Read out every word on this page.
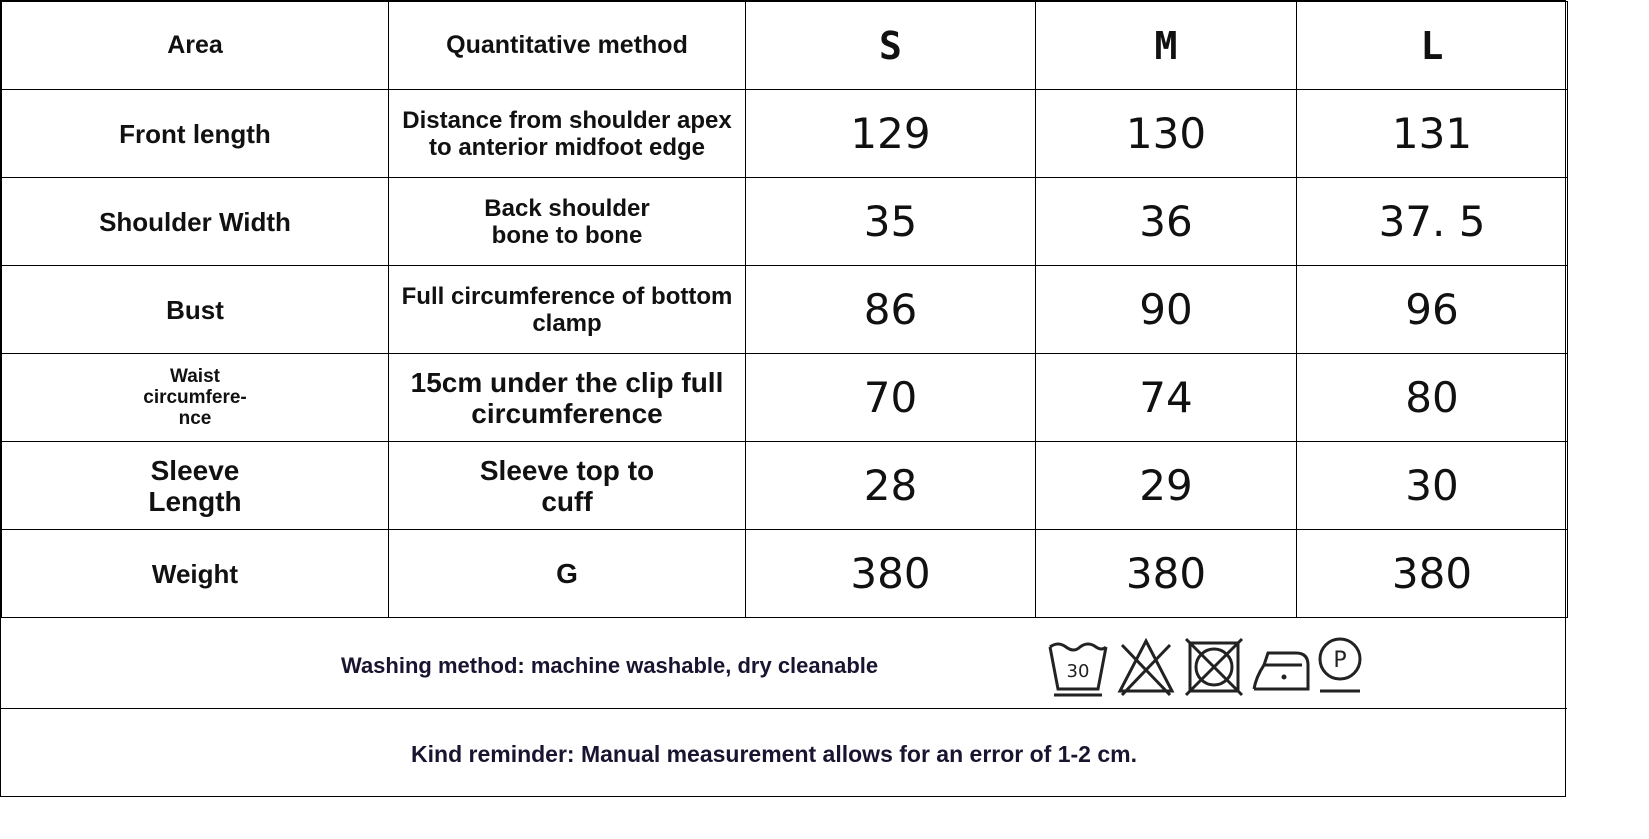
Area	Quantitative method	S	M	L
Front length	Distance from shoulder apex to anterior midfoot edge	129	130	131
Shoulder Width	Back shoulder bone to bone	35	36	37. 5
Bust	Full circumference of bottom clamp	86	90	96
Waist circumfere-nce	15cm under the clip full circumference	70	74	80
Sleeve Length	Sleeve top to cuff	28	29	30
Weight	G	380	380	380
Washing method: machine washable, dry cleanable	30	P
Kind reminder: Manual measurement allows for an error of 1-2 cm.
